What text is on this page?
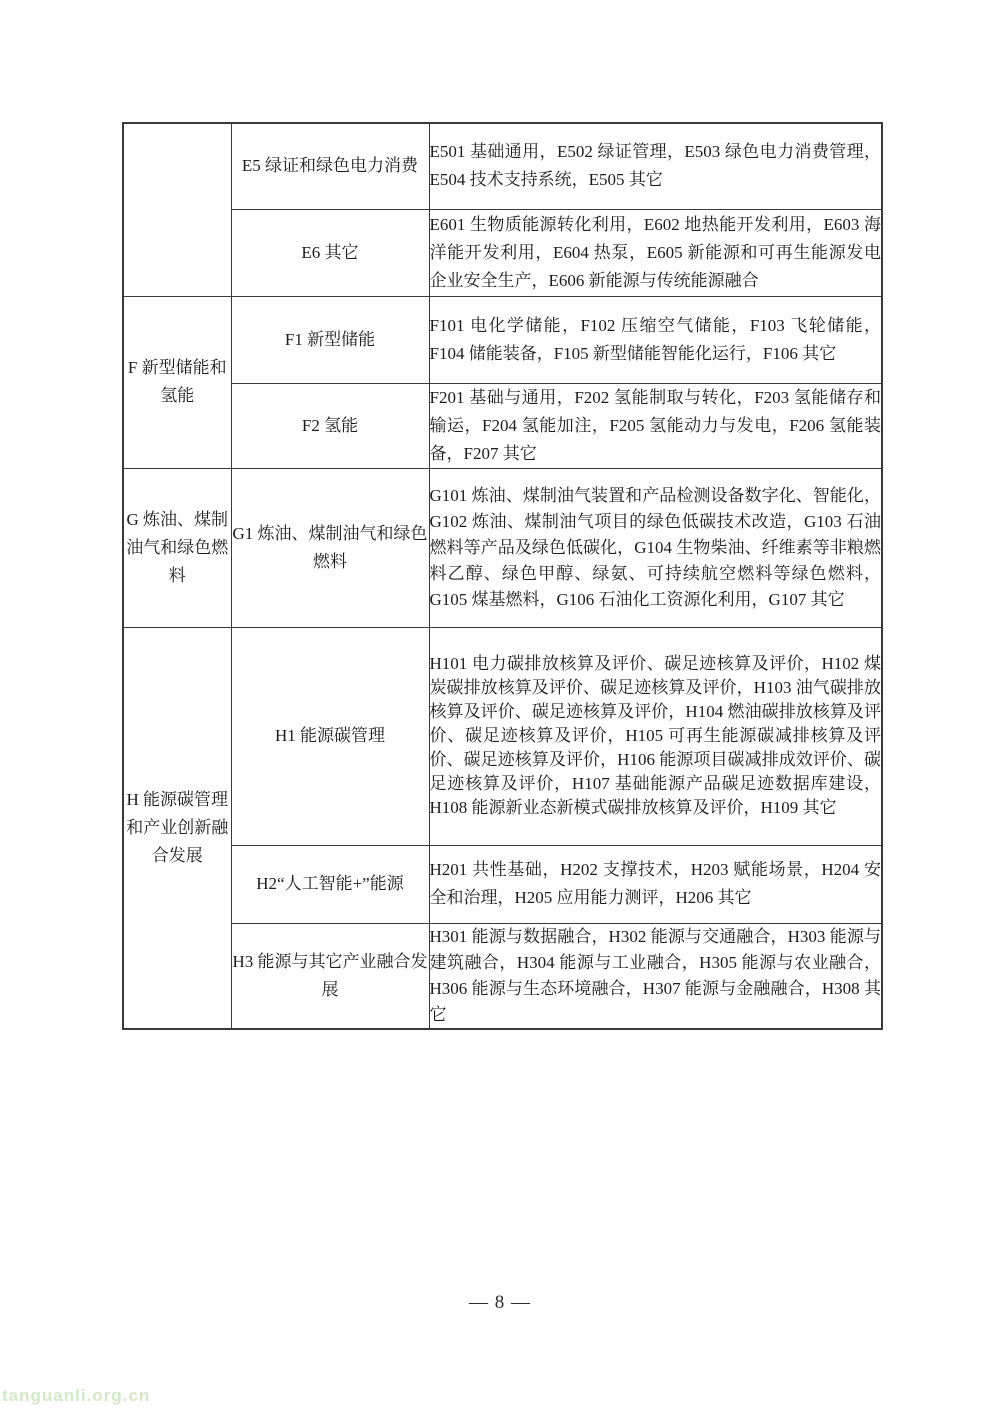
	E5 绿证和绿色电力消费	E501 基础通用，E502 绿证管理，E503 绿色电力消费管理，E504 技术支持系统，E505 其它
	E6 其它	E601 生物质能源转化利用，E602 地热能开发利用，E603 海洋能开发利用，E604 热泵，E605 新能源和可再生能源发电企业安全生产，E606 新能源与传统能源融合
F 新型储能和氢能	F1 新型储能	F101 电化学储能，F102 压缩空气储能，F103 飞轮储能，F104 储能装备，F105 新型储能智能化运行，F106 其它
	F2 氢能	F201 基础与通用，F202 氢能制取与转化，F203 氢能储存和输运，F204 氢能加注，F205 氢能动力与发电，F206 氢能装备，F207 其它
G 炼油、煤制油气和绿色燃料	G1 炼油、煤制油气和绿色燃料	G101 炼油、煤制油气装置和产品检测设备数字化、智能化，G102 炼油、煤制油气项目的绿色低碳技术改造，G103 石油燃料等产品及绿色低碳化，G104 生物柴油、纤维素等非粮燃料乙醇、绿色甲醇、绿氨、可持续航空燃料等绿色燃料，G105 煤基燃料，G106 石油化工资源化利用，G107 其它
H 能源碳管理和产业创新融合发展	H1 能源碳管理	H101 电力碳排放核算及评价、碳足迹核算及评价，H102 煤炭碳排放核算及评价、碳足迹核算及评价，H103 油气碳排放核算及评价、碳足迹核算及评价，H104 燃油碳排放核算及评价、碳足迹核算及评价，H105 可再生能源碳减排核算及评价、碳足迹核算及评价，H106 能源项目碳减排成效评价、碳足迹核算及评价，H107 基础能源产品碳足迹数据库建设，H108 能源新业态新模式碳排放核算及评价，H109 其它
	H2“人工智能+”能源	H201 共性基础，H202 支撑技术，H203 赋能场景，H204 安全和治理，H205 应用能力测评，H206 其它
	H3 能源与其它产业融合发展	H301 能源与数据融合，H302 能源与交通融合，H303 能源与建筑融合，H304 能源与工业融合，H305 能源与农业融合，H306 能源与生态环境融合，H307 能源与金融融合，H308 其它
— 8 —
tanguanli.org.cn
